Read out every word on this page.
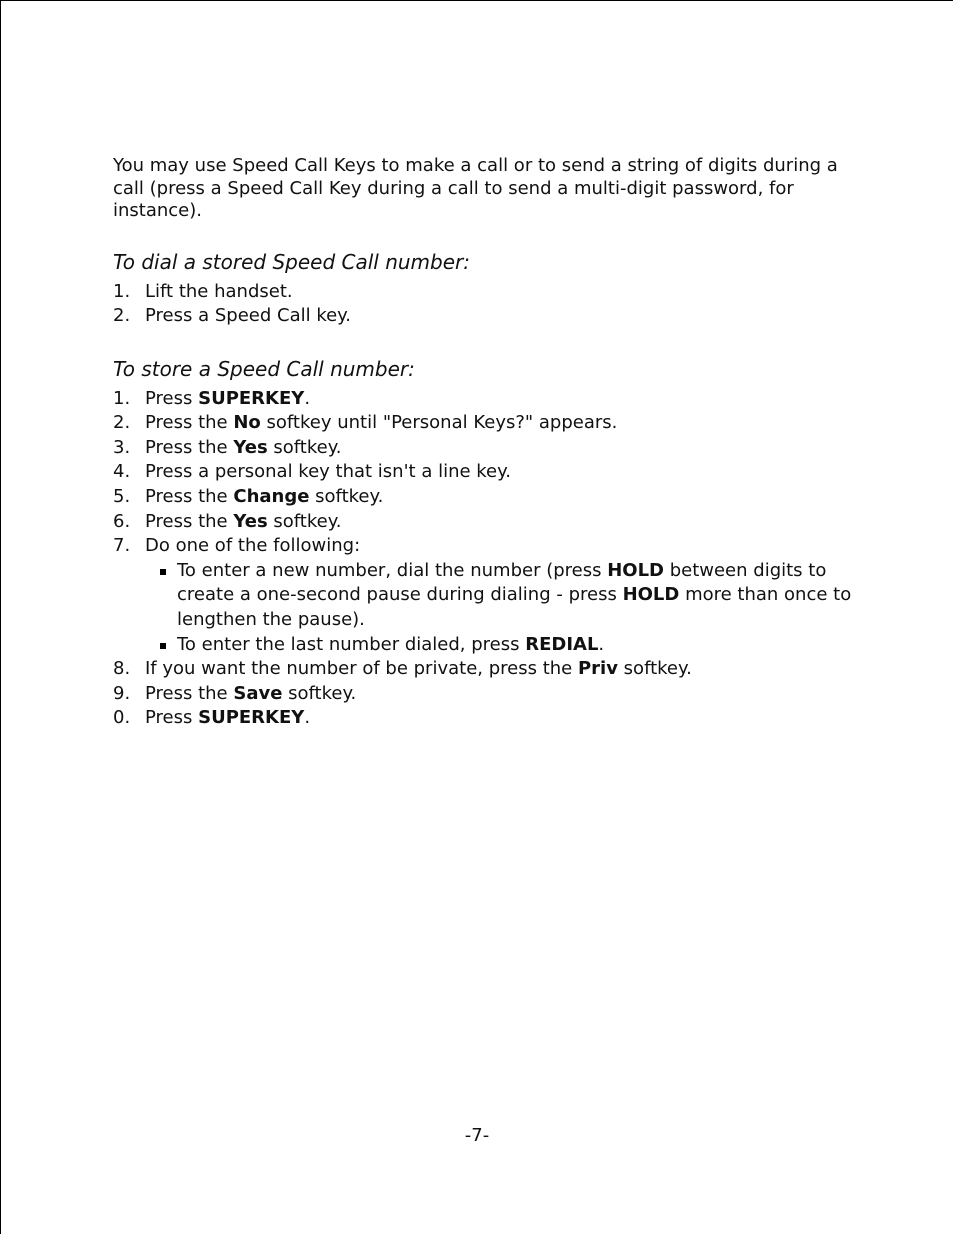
You may use Speed Call Keys to make a call or to send a string of digits during a call (press a Speed Call Key during a call to send a multi-digit password, for instance).

To dial a stored Speed Call number:

1. Lift the handset.
2. Press a Speed Call key.

To store a Speed Call number:

1. Press SUPERKEY.
2. Press the No softkey until "Personal Keys?" appears.
3. Press the Yes softkey.
4. Press a personal key that isn't a line key.
5. Press the Change softkey.
6. Press the Yes softkey.
7. Do one of the following:
To enter a new number, dial the number (press HOLD between digits to create a one-second pause during dialing - press HOLD more than once to lengthen the pause).
To enter the last number dialed, press REDIAL.
8. If you want the number of be private, press the Priv softkey.
9. Press the Save softkey.
0. Press SUPERKEY.
-7-
